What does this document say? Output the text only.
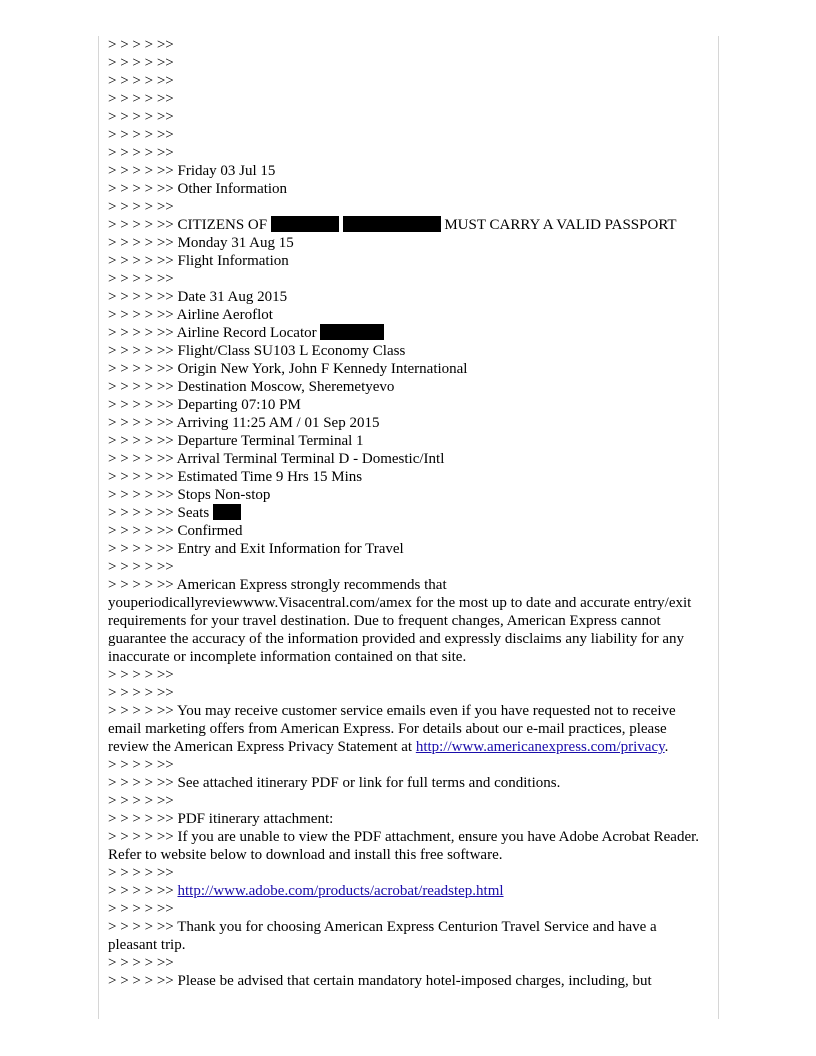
> > > > >>
> > > > >>
> > > > >>
> > > > >>
> > > > >>
> > > > >>
> > > > >>
> > > > >> Friday 03 Jul 15
> > > > >> Other Information
> > > > >>
> > > > >> CITIZENS OF	MUST CARRY A VALID PASSPORT
> > > > >> Monday 31 Aug 15
> > > > >> Flight Information
> > > > >>
> > > > >> Date 31 Aug 2015
> > > > >> Airline Aeroflot
> > > > >> Airline Record Locator
> > > > >> Flight/Class SU103 L Economy Class
> > > > >> Origin New York, John F Kennedy International
> > > > >> Destination Moscow, Sheremetyevo
> > > > >> Departing 07:10 PM
> > > > >> Arriving 11:25 AM / 01 Sep 2015
> > > > >> Departure Terminal Terminal 1
> > > > >> Arrival Terminal Terminal D - Domestic/Intl
> > > > >> Estimated Time 9 Hrs 15 Mins
> > > > >> Stops Non-stop
> > > > >> Seats
> > > > >> Confirmed
> > > > >> Entry and Exit Information for Travel
> > > > >>
> > > > >> American Express strongly recommends that youperiodicallyreviewwww.Visacentral.com/amex for the most up to date and accurate entry/exit requirements for your travel destination. Due to frequent changes, American Express cannot guarantee the accuracy of the information provided and expressly disclaims any liability for any inaccurate or incomplete information contained on that site.
> > > > >>
> > > > >>
> > > > >> You may receive customer service emails even if you have requested not to receive email marketing offers from American Express. For details about our e-mail practices, please review the American Express Privacy Statement at http://www.americanexpress.com/privacy.
> > > > >>
> > > > >> See attached itinerary PDF or link for full terms and conditions.
> > > > >>
> > > > >> PDF itinerary attachment:
> > > > >> If you are unable to view the PDF attachment, ensure you have Adobe Acrobat Reader. Refer to website below to download and install this free software.
> > > > >>
> > > > >> http://www.adobe.com/products/acrobat/readstep.html
> > > > >>
> > > > >> Thank you for choosing American Express Centurion Travel Service and have a pleasant trip.
> > > > >>
> > > > >> Please be advised that certain mandatory hotel-imposed charges, including, but
